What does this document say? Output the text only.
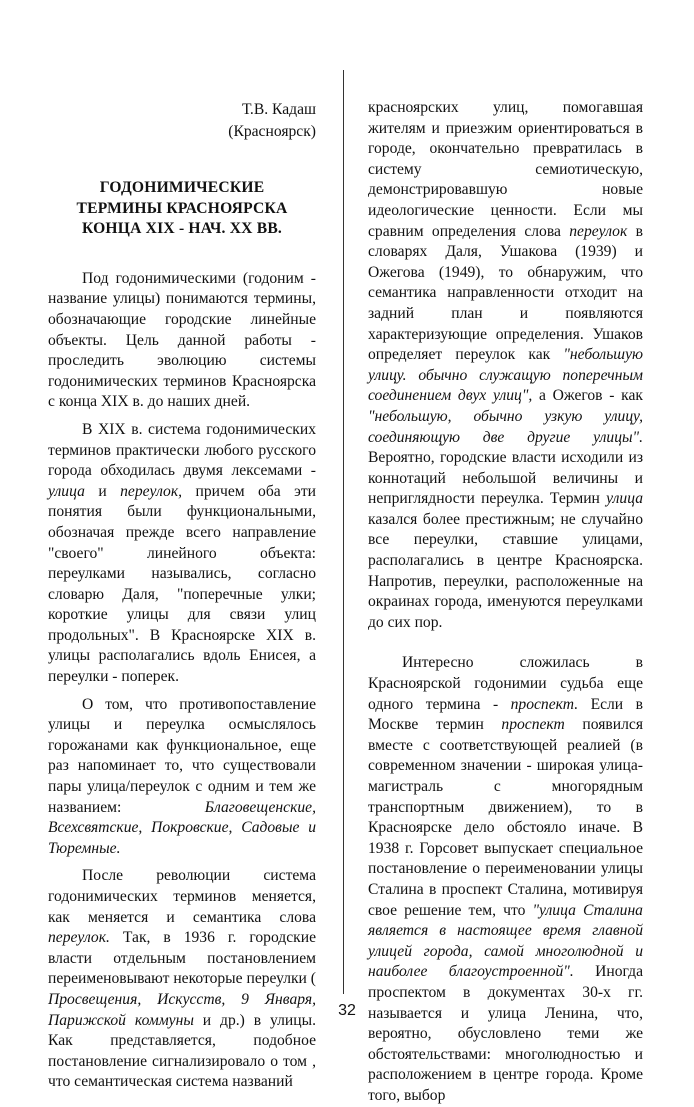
Т.В. Кадаш
(Красноярск)
ГОДОНИМИЧЕСКИЕ
ТЕРМИНЫ КРАСНОЯРСКА
КОНЦА XIX - НАЧ. XX ВВ.

Под годонимическими (годоним - название улицы) понимаются термины, обозначающие городские линейные объекты. Цель данной работы - проследить эволюцию системы годонимических терминов Красноярска с конца XIX в. до наших дней.

В XIX в. система годонимических терминов практически любого русского города обходилась двумя лексемами - улица и переулок, причем оба эти понятия были функциональными, обозначая прежде всего направление "своего" линейного объекта: переулками назывались, согласно словарю Даля, "поперечные улки; короткие улицы для связи улиц продольных". В Красноярске XIX в. улицы располагались вдоль Енисея, а переулки - поперек.

О том, что противопоставление улицы и переулка осмыслялось горожанами как функциональное, еще раз напоминает то, что существовали пары улица/переулок с одним и тем же названием: Благовещенские, Всехсвятские, Покровские, Садовые и Тюремные.

После революции система годонимических терминов меняется, как меняется и семантика слова переулок. Так, в 1936 г. городские власти отдельным постановлением переименовывают некоторые переулки ( Просвещения, Искусств, 9 Января, Парижской коммуны и др.) в улицы. Как представляется, подобное постановление сигнализировало о том , что семантическая система названий

красноярских улиц, помогавшая жителям и приезжим ориентироваться в городе, окончательно превратилась в систему семиотическую, демонстрировавшую новые идеологические ценности. Если мы сравним определения слова переулок в словарях Даля, Ушакова (1939) и Ожегова (1949), то обнаружим, что семантика направленности отходит на задний план и появляются характеризующие определения. Ушаков определяет переулок как "небольшую улицу. обычно служащую поперечным соединением двух улиц", а Ожегов - как "небольшую, обычно узкую улицу, соединяющую две другие улицы". Вероятно, городские власти исходили из коннотаций небольшой величины и неприглядности переулка. Термин улица казался более престижным; не случайно все переулки, ставшие улицами, располагались в центре Красноярска. Напротив, переулки, расположенные на окраинах города, именуются переулками до сих пор.

Интересно сложилась в Красноярской годонимии судьба еще одного термина - проспект. Если в Москве термин проспект появился вместе с соответствующей реалией (в современном значении - широкая улица-магистраль с многорядным транспортным движением), то в Красноярске дело обстояло иначе. В 1938 г. Горсовет выпускает специальное постановление о переименовании улицы Сталина в проспект Сталина, мотивируя свое решение тем, что "улица Сталина является в настоящее время главной улицей города, самой многолюдной и наиболее благоустроенной". Иногда проспектом в документах 30-х гг. называется и улица Ленина, что, вероятно, обусловлено теми же обстоятельствами: многолюдностью и расположением в центре города. Кроме того, выбор

32
